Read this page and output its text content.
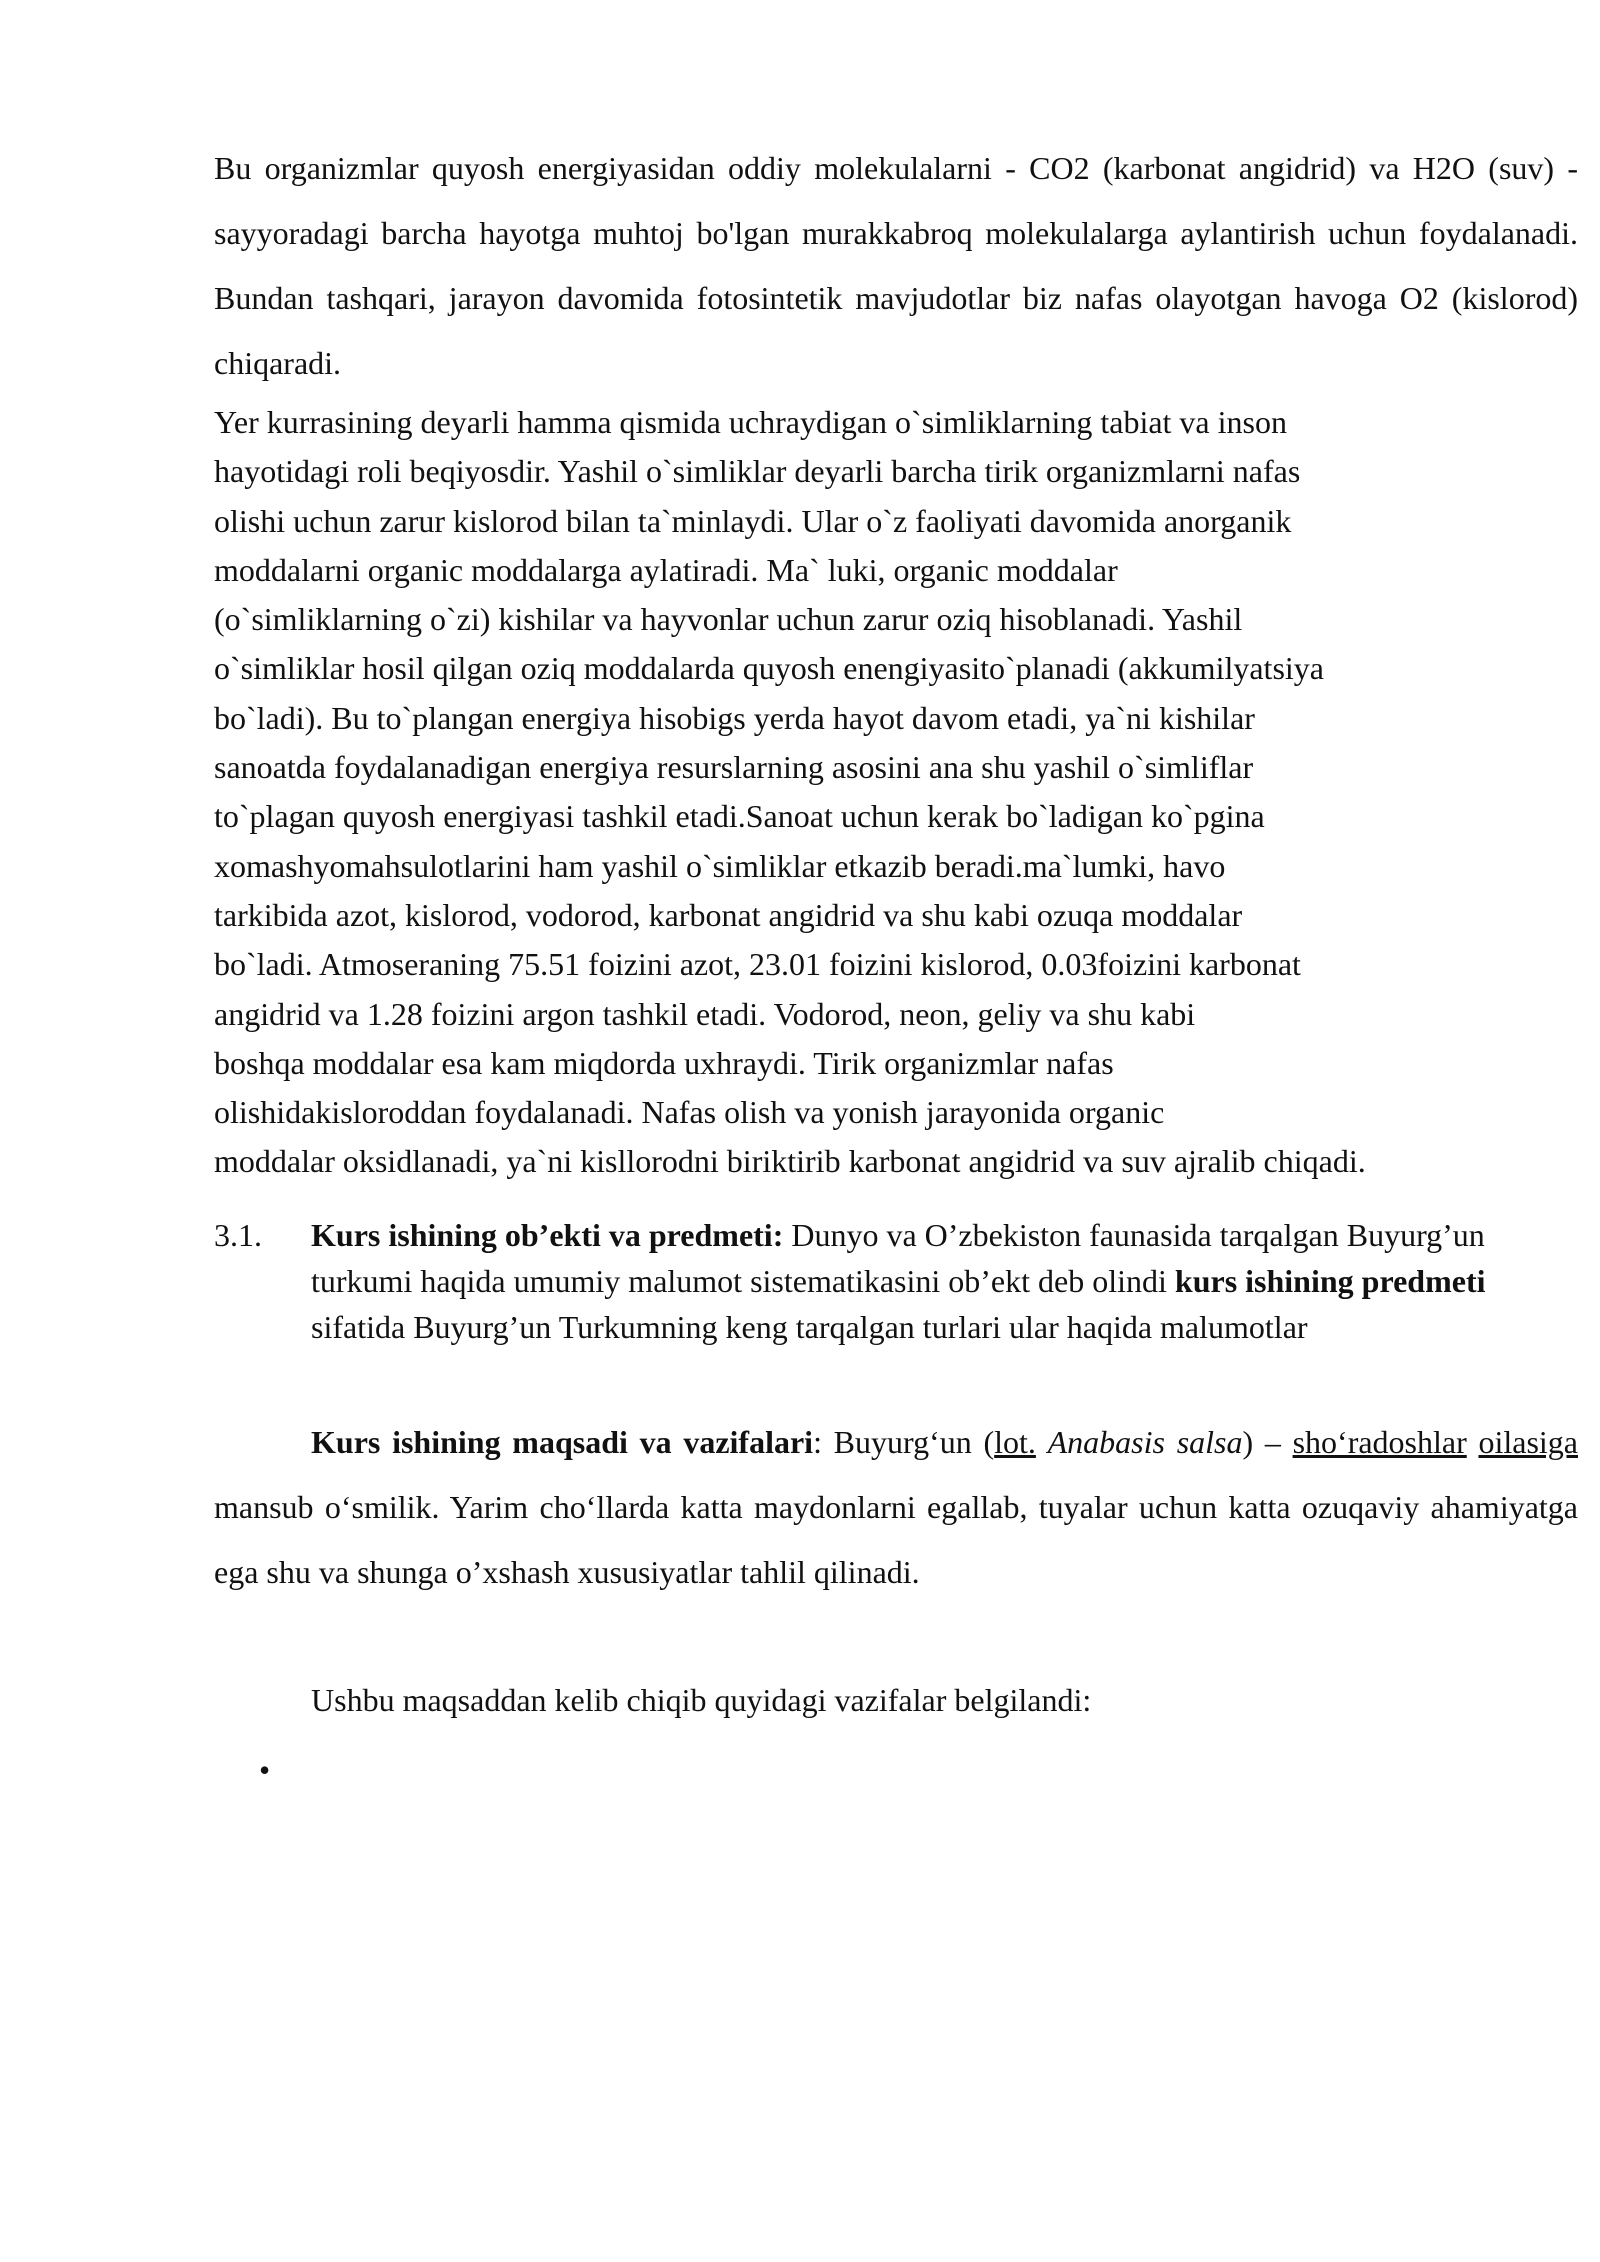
Bu organizmlar quyosh energiyasidan oddiy molekulalarni - CO2 (karbonat angidrid) va H2O (suv) - sayyoradagi barcha hayotga muhtoj bo'lgan murakkabroq molekulalarga aylantirish uchun foydalanadi. Bundan tashqari, jarayon davomida fotosintetik mavjudotlar biz nafas olayotgan havoga O2 (kislorod) chiqaradi.

Yer kurrasining deyarli hamma qismida uchraydigan o`simliklarning tabiat va inson
hayotidagi roli beqiyosdir. Yashil o`simliklar deyarli barcha tirik organizmlarni nafas
olishi uchun zarur kislorod bilan ta`minlaydi. Ular o`z faoliyati davomida anorganik
moddalarni organic moddalarga aylatiradi. Ma` luki, organic moddalar
(o`simliklarning o`zi) kishilar va hayvonlar uchun zarur oziq hisoblanadi. Yashil
o`simliklar hosil qilgan oziq moddalarda quyosh enengiyasito`planadi (akkumilyatsiya
bo`ladi). Bu to`plangan energiya hisobigs yerda hayot davom etadi, ya`ni kishilar
sanoatda foydalanadigan energiya resurslarning asosini ana shu yashil o`simliflar
to`plagan quyosh energiyasi tashkil etadi.Sanoat uchun kerak bo`ladigan ko`pgina
xomashyomahsulotlarini ham yashil o`simliklar etkazib beradi.ma`lumki, havo
tarkibida azot, kislorod, vodorod, karbonat angidrid va shu kabi ozuqa moddalar
bo`ladi. Atmoseraning 75.51 foizini azot, 23.01 foizini kislorod, 0.03foizini karbonat
angidrid va 1.28 foizini argon tashkil etadi. Vodorod, neon, geliy va shu kabi
boshqa moddalar esa kam miqdorda uxhraydi. Tirik organizmlar nafas
olishidakisloroddan foydalanadi. Nafas olish va yonish jarayonida organic
moddalar oksidlanadi, ya`ni kisllorodni biriktirib karbonat angidrid va suv ajralib chiqadi.

3.1. Kurs ishining ob’ekti va predmeti: Dunyo va O’zbekiston faunasida tarqalgan Buyurg’un turkumi haqida umumiy malumot sistematikasini ob’ekt deb olindi kurs ishining predmeti sifatida Buyurg’un Turkumning keng tarqalgan turlari ular haqida malumotlar

Kurs ishining maqsadi va vazifalari: Buyurg‘un (lot. Anabasis salsa) – sho‘radoshlar oilasiga mansub o‘smilik. Yarim cho‘llarda katta maydonlarni egallab, tuyalar uchun katta ozuqaviy ahamiyatga ega shu va shunga o’xshash xususiyatlar tahlil qilinadi.

Ushbu maqsaddan kelib chiqib quyidagi vazifalar belgilandi:

•
